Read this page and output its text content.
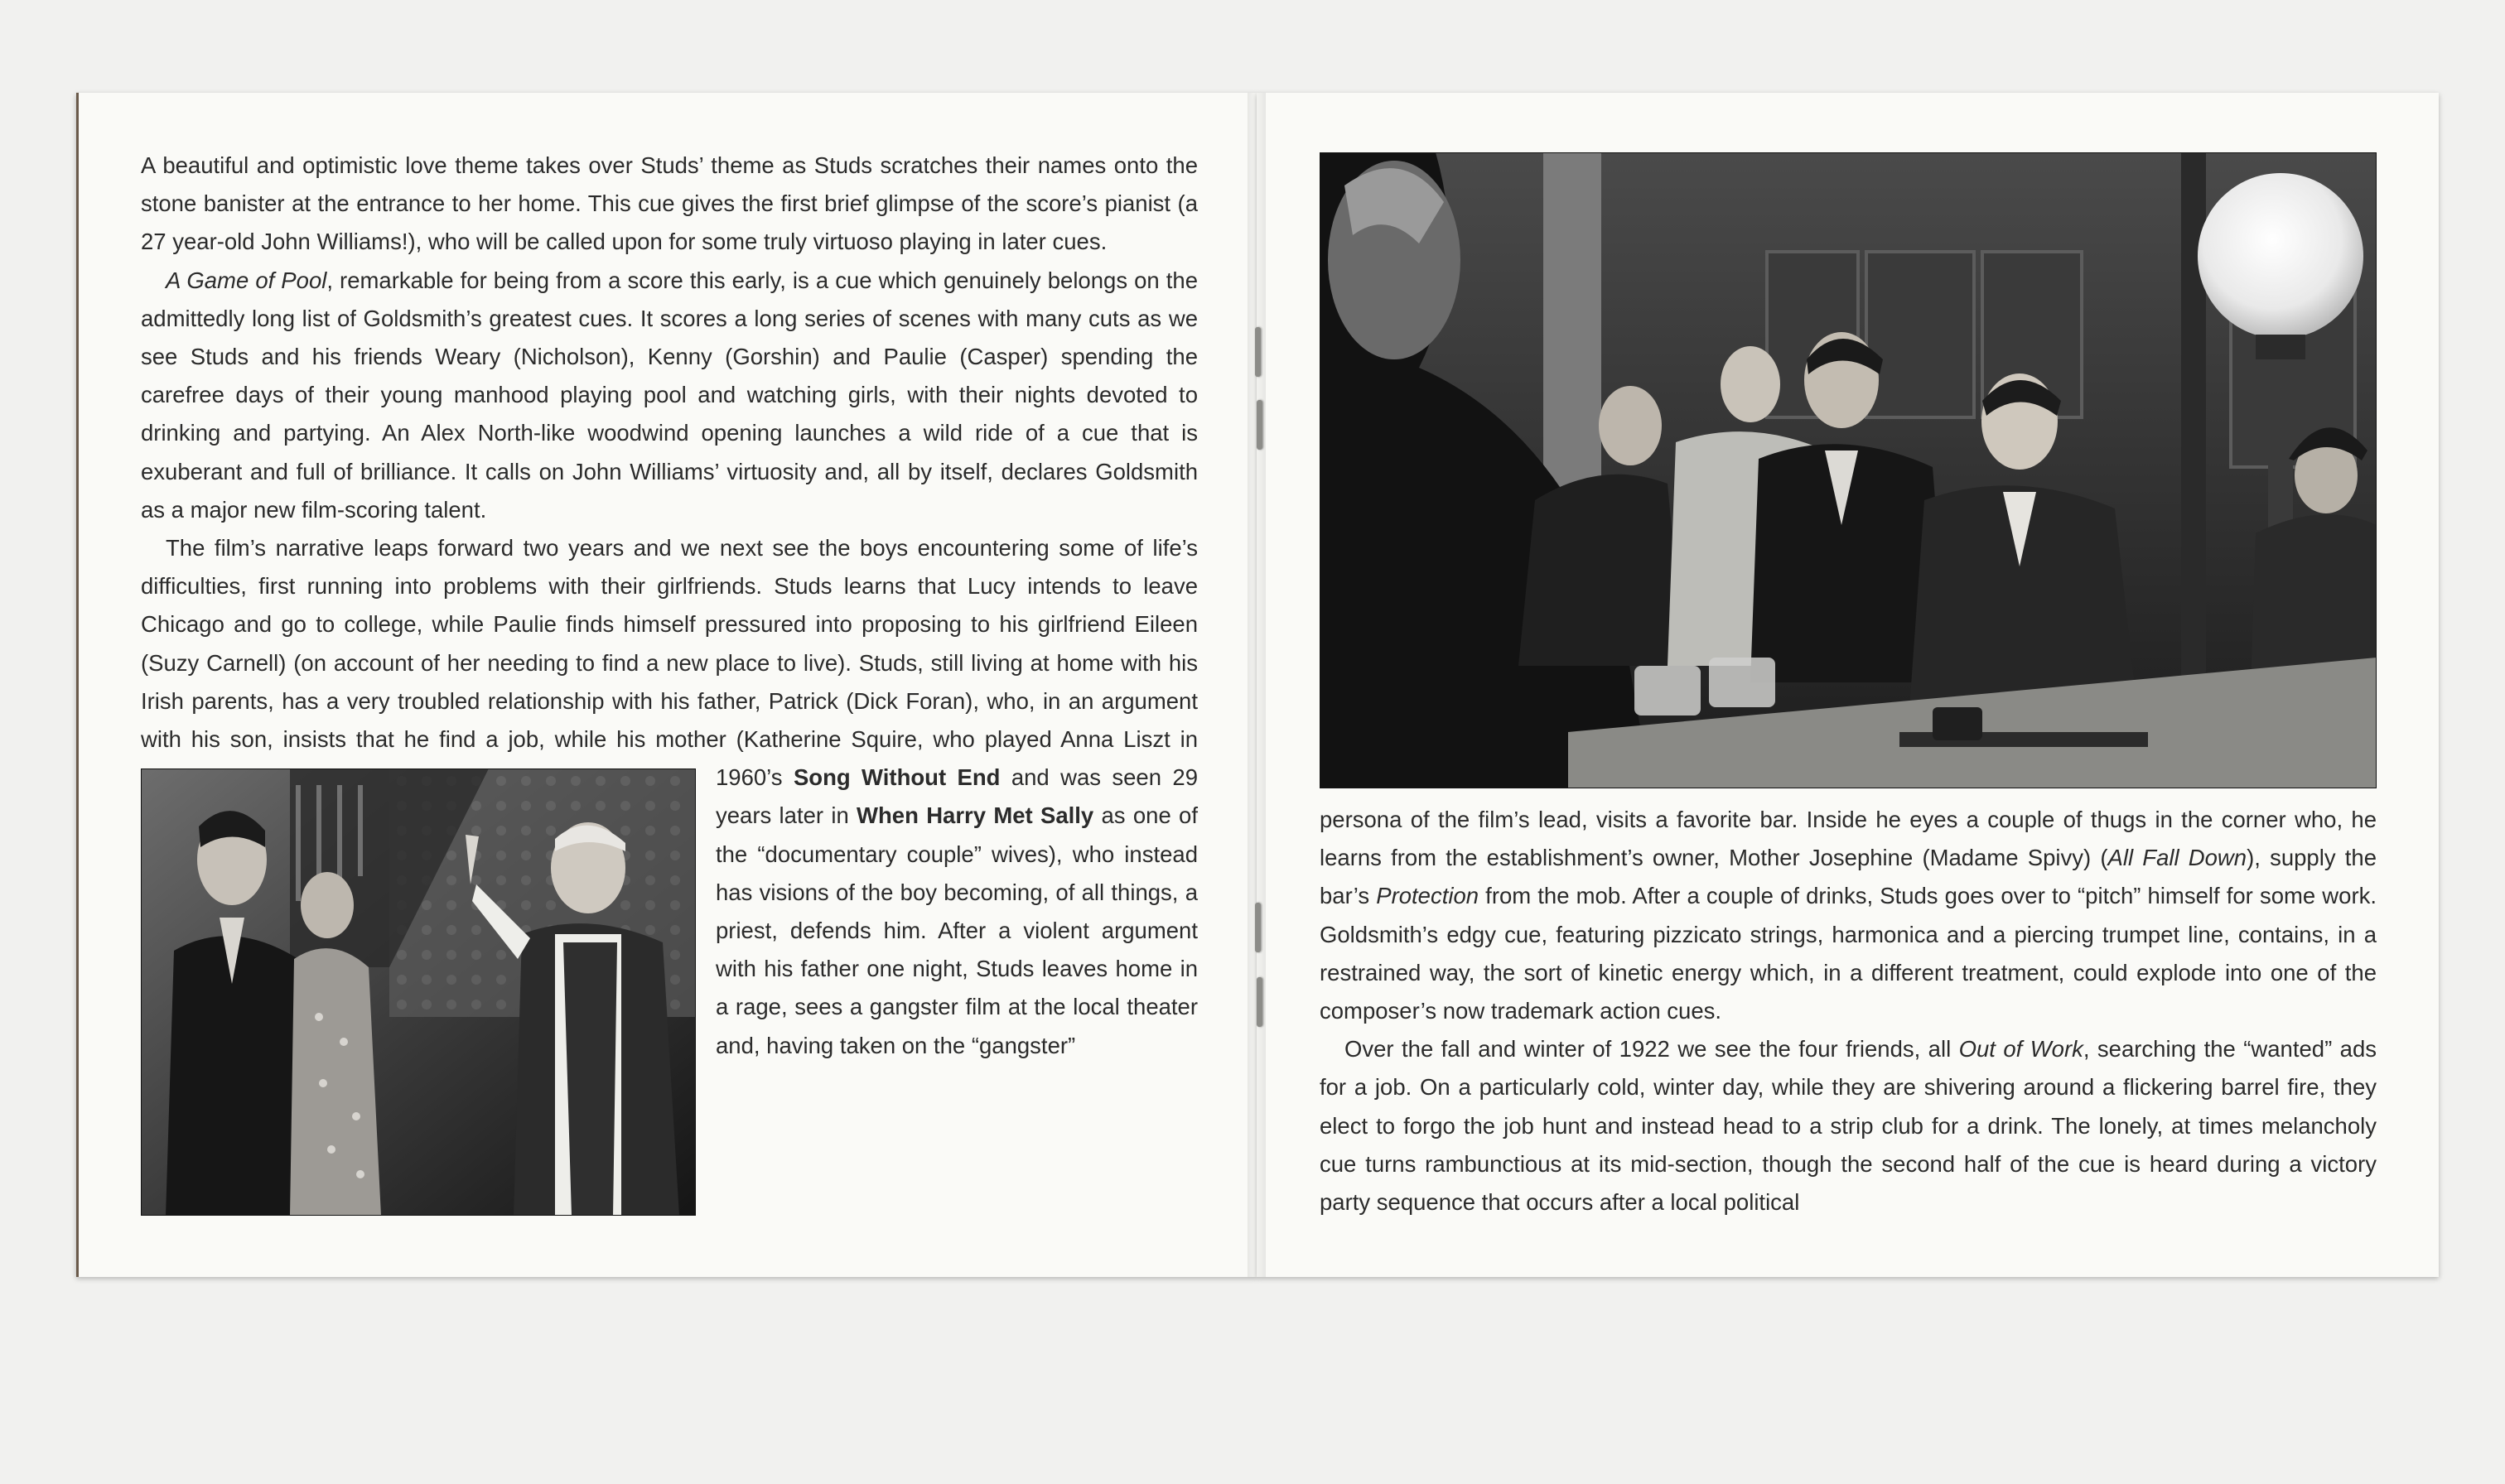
A beautiful and optimistic love theme takes over Studs’ theme as Studs scratches their names onto the stone banister at the entrance to her home. This cue gives the first brief glimpse of the score’s pianist (a 27 year-old John Williams!), who will be called upon for some truly virtuoso playing in later cues.

A Game of Pool, remarkable for being from a score this early, is a cue which genuinely belongs on the admittedly long list of Goldsmith’s greatest cues. It scores a long series of scenes with many cuts as we see Studs and his friends Weary (Nicholson), Kenny (Gorshin) and Paulie (Casper) spending the carefree days of their young manhood playing pool and watching girls, with their nights devoted to drinking and partying. An Alex North-like woodwind opening launches a wild ride of a cue that is exuberant and full of brilliance. It calls on John Williams’ virtuosity and, all by itself, declares Goldsmith as a major new film-scoring talent.

The film’s narrative leaps forward two years and we next see the boys encountering some of life’s difficulties, first running into problems with their girlfriends. Studs learns that Lucy intends to leave Chicago and go to college, while Paulie finds himself pressured into proposing to his girlfriend Eileen (Suzy Carnell) (on account of her needing to find a new place to live). Studs, still living at home with his Irish parents, has a very troubled relationship with his father, Patrick (Dick Foran), who, in an argument with his son, insists that he find a job, while his mother (Katherine Squire, who played Anna Liszt in 1960’s Song Without End and was seen 29 years later in When Harry Met Sally as one of the “documentary couple” wives), who instead has visions of the boy becoming, of all things, a priest, defends him. After a violent argument with his father one night, Studs leaves home in a rage, sees a gangster film at the local theater and, having taken on the “gangster”

persona of the film’s lead, visits a favorite bar. Inside he eyes a couple of thugs in the corner who, he learns from the establishment’s owner, Mother Josephine (Madame Spivy) (All Fall Down), supply the bar’s Protection from the mob. After a couple of drinks, Studs goes over to “pitch” himself for some work. Goldsmith’s edgy cue, featuring pizzicato strings, harmonica and a piercing trumpet line, contains, in a restrained way, the sort of kinetic energy which, in a different treatment, could explode into one of the composer’s now trademark action cues.

Over the fall and winter of 1922 we see the four friends, all Out of Work, searching the “wanted” ads for a job. On a particularly cold, winter day, while they are shivering around a flickering barrel fire, they elect to forgo the job hunt and instead head to a strip club for a drink. The lonely, at times melancholy cue turns rambunctious at its mid-section, though the second half of the cue is heard during a victory party sequence that occurs after a local political
